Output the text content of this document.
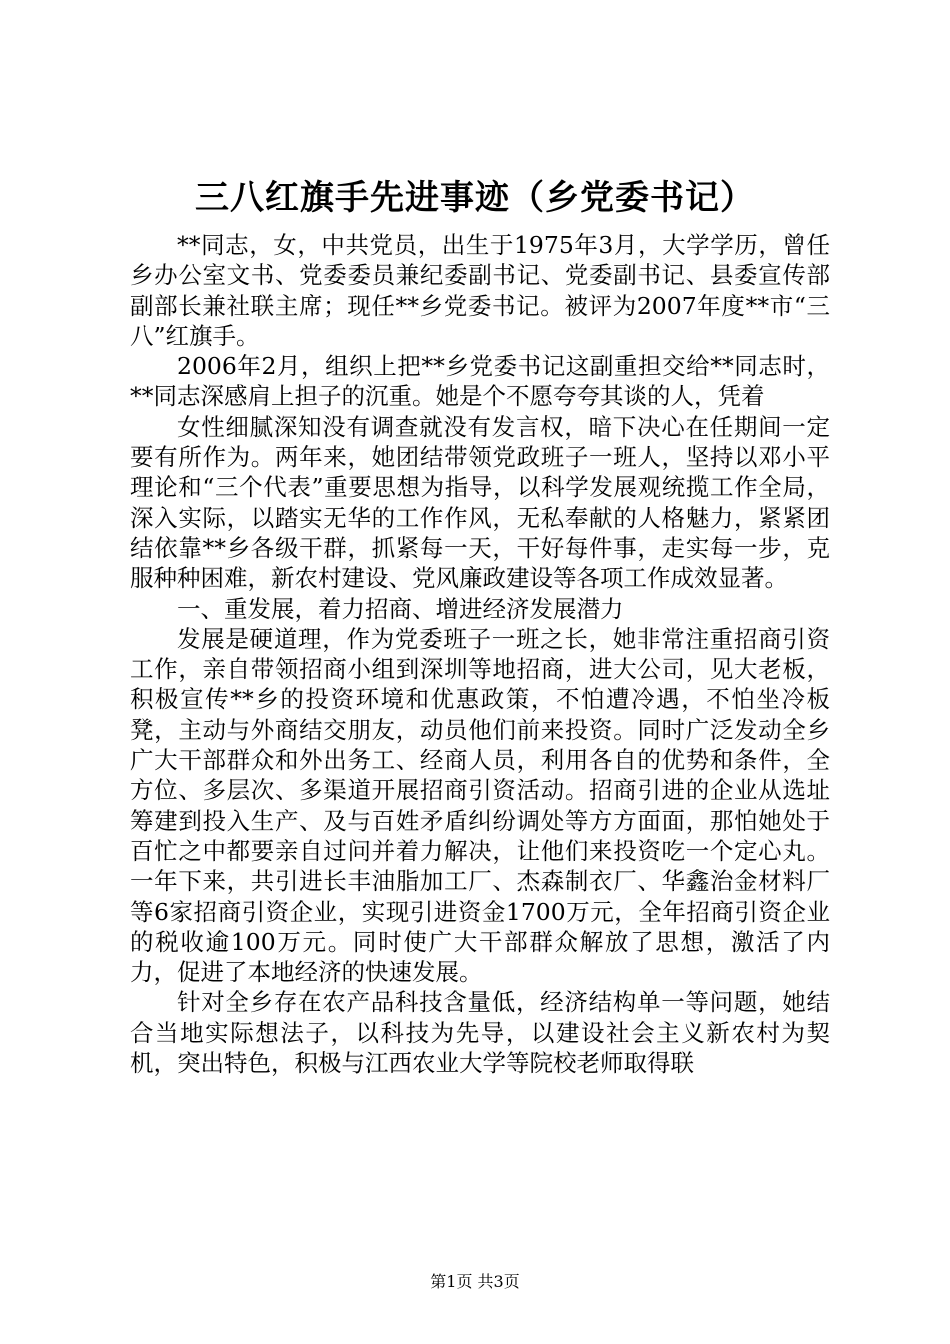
三八红旗手先进事迹（乡党委书记）

**同志，女，中共党员，出生于1975年3月，大学学历，曾任乡办公室文书、党委委员兼纪委副书记、党委副书记、县委宣传部副部长兼社联主席；现任**乡党委书记。被评为2007年度**市“三八”红旗手。

2006年2月，组织上把**乡党委书记这副重担交给**同志时，**同志深感肩上担子的沉重。她是个不愿夸夸其谈的人，凭着

女性细腻深知没有调查就没有发言权，暗下决心在任期间一定要有所作为。两年来，她团结带领党政班子一班人，坚持以邓小平理论和“三个代表”重要思想为指导，以科学发展观统揽工作全局，深入实际，以踏实无华的工作作风，无私奉献的人格魅力，紧紧团结依靠**乡各级干群，抓紧每一天，干好每件事，走实每一步，克服种种困难，新农村建设、党风廉政建设等各项工作成效显著。

一、重发展，着力招商、增进经济发展潜力

发展是硬道理，作为党委班子一班之长，她非常注重招商引资工作，亲自带领招商小组到深圳等地招商，进大公司，见大老板，积极宣传**乡的投资环境和优惠政策，不怕遭冷遇，不怕坐冷板凳，主动与外商结交朋友，动员他们前来投资。同时广泛发动全乡广大干部群众和外出务工、经商人员，利用各自的优势和条件，全方位、多层次、多渠道开展招商引资活动。招商引进的企业从选址筹建到投入生产、及与百姓矛盾纠纷调处等方方面面，那怕她处于百忙之中都要亲自过问并着力解决，让他们来投资吃一个定心丸。一年下来，共引进长丰油脂加工厂、杰森制衣厂、华鑫治金材料厂等6家招商引资企业，实现引进资金1700万元，全年招商引资企业的税收逾100万元。同时使广大干部群众解放了思想，激活了内力，促进了本地经济的快速发展。

针对全乡存在农产品科技含量低，经济结构单一等问题，她结合当地实际想法子，以科技为先导，以建设社会主义新农村为契机，突出特色，积极与江西农业大学等院校老师取得联

第1页 共3页
